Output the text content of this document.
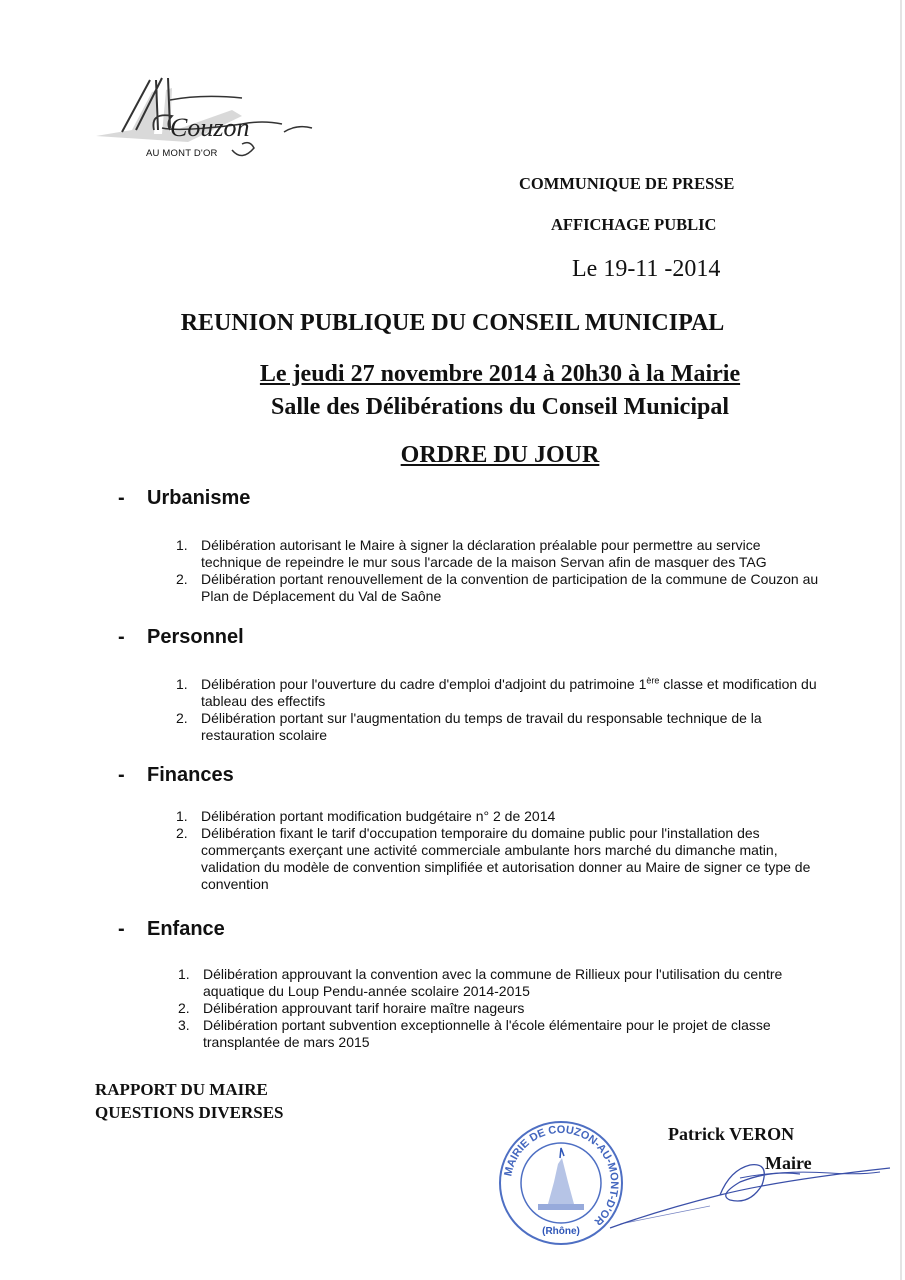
Couzon
AU MONT D'OR
COMMUNIQUE DE PRESSE
AFFICHAGE PUBLIC
Le 19-11 -2014
REUNION PUBLIQUE DU CONSEIL MUNICIPAL
Le jeudi 27 novembre 2014 à 20h30 à la Mairie
Salle des Délibérations du Conseil Municipal
ORDRE DU JOUR
- Urbanisme
1. Délibération autorisant le Maire à signer la déclaration préalable pour permettre au service technique de repeindre le mur sous l'arcade de la maison Servan afin de masquer des TAG
2. Délibération portant renouvellement de la convention de participation de la commune de Couzon au Plan de Déplacement du Val de Saône
- Personnel
1. Délibération pour l'ouverture du cadre d'emploi d'adjoint du patrimoine 1ère classe et modification du tableau des effectifs
2. Délibération portant sur l'augmentation du temps de travail du responsable technique de la restauration scolaire
- Finances
1. Délibération portant modification budgétaire n° 2 de 2014
2. Délibération fixant le tarif d'occupation temporaire du domaine public pour l'installation des commerçants exerçant une activité commerciale ambulante hors marché du dimanche matin, validation du modèle de convention simplifiée et autorisation donner au Maire de signer ce type de convention
- Enfance
1. Délibération approuvant la convention avec la commune de Rillieux pour l'utilisation du centre aquatique du Loup Pendu-année scolaire 2014-2015
2. Délibération approuvant tarif horaire maître nageurs
3. Délibération portant subvention exceptionnelle à l'école élémentaire pour le projet de classe transplantée de mars 2015
RAPPORT DU MAIRE
QUESTIONS DIVERSES
MAIRIE DE COUZON-AU-MONT-D'OR
(Rhône)
Patrick VERON
Maire
